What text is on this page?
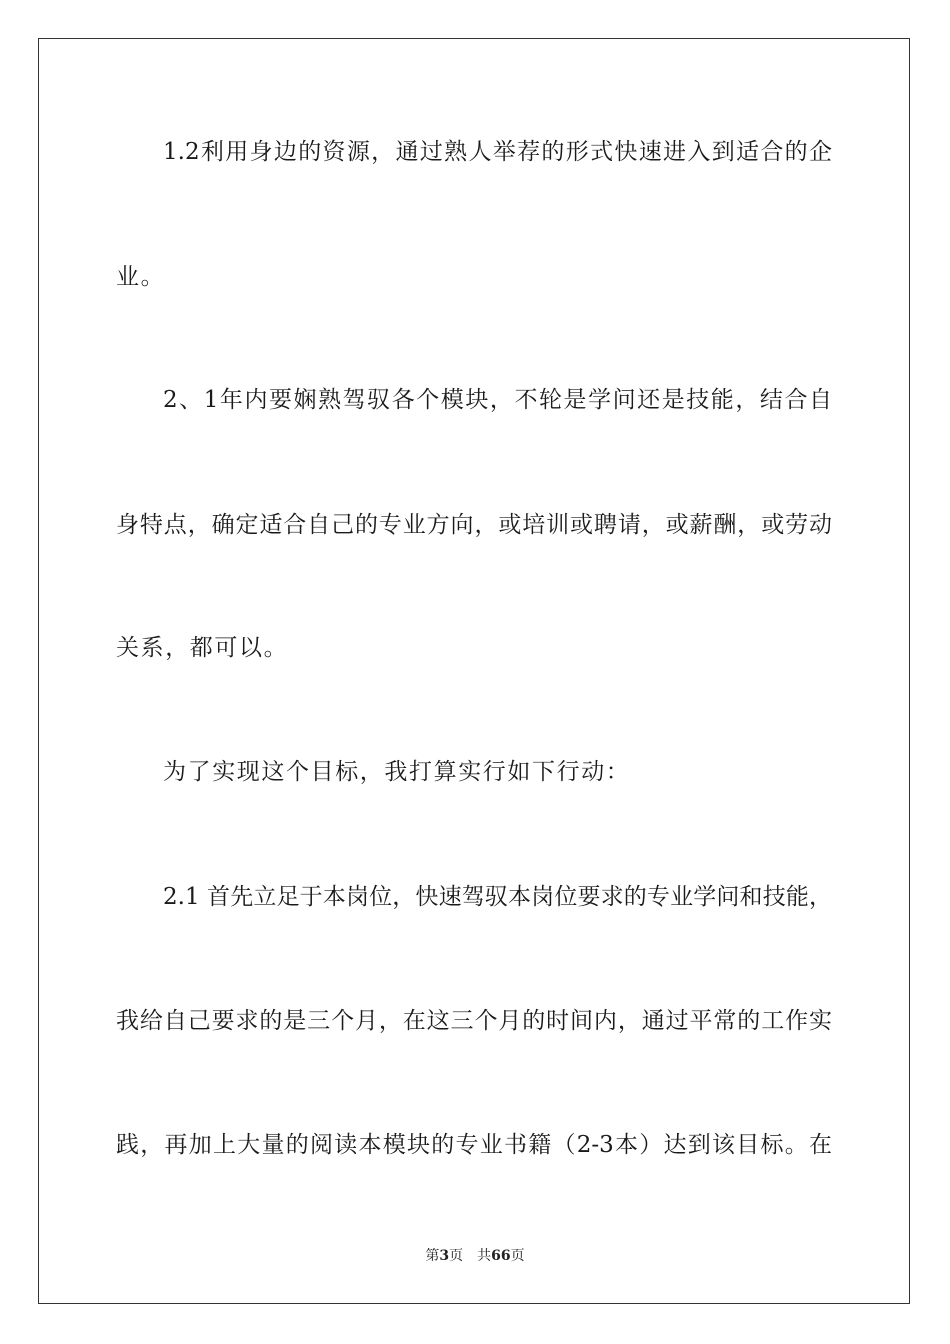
1.2利用身边的资源，通过熟人举荐的形式快速进入到适合的企
业。
2、1年内要娴熟驾驭各个模块，不轮是学问还是技能，结合自
身特点，确定适合自己的专业方向，或培训或聘请，或薪酬，或劳动
关系，都可以。
为了实现这个目标，我打算实行如下行动：
2.1 首先立足于本岗位，快速驾驭本岗位要求的专业学问和技能，
我给自己要求的是三个月，在这三个月的时间内，通过平常的工作实
践，再加上大量的阅读本模块的专业书籍（2-3本）达到该目标。在
第3页 共66页
